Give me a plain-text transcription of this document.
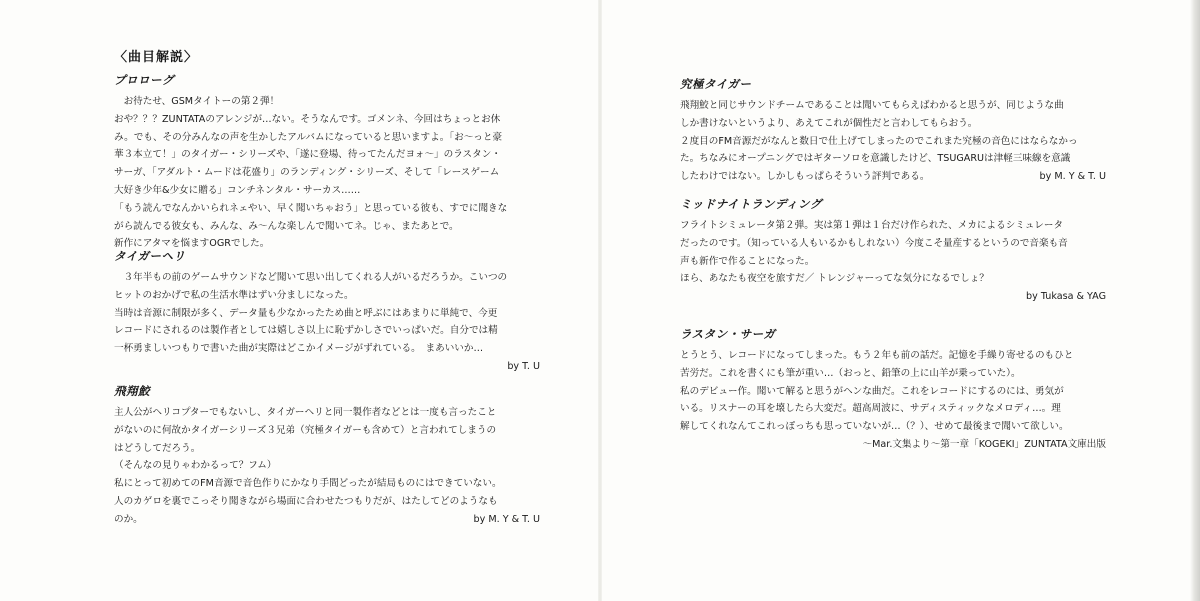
〈曲目解説〉
プロローグ
　お待たせ、GSMタイトーの第２弾！
おや？？？ZUNTATAのアレンジが…ない。そうなんです。ゴメンネ、今回はちょっとお休
み。でも、その分みんなの声を生かしたアルバムになっていると思いますよ。「お～っと豪
華３本立て！」のタイガー・シリーズや、「遂に登場、待ってたんだヨォ～」のラスタン・
サーガ、「アダルト・ムードは花盛り」のランディング・シリーズ、そして「レースゲーム
大好き少年&少女に贈る」コンチネンタル・サーカス……
「もう読んでなんかいられネェやい、早く聞いちゃおう」と思っている彼も、すでに聞きな
がら読んでる彼女も、みんな、み～んな楽しんで聞いてネ。じゃ、またあとで。
新作にアタマを悩ますOGRでした。
タイガーヘリ
　３年半もの前のゲームサウンドなど聞いて思い出してくれる人がいるだろうか。こいつの
ヒットのおかげで私の生活水準はずい分ましになった。
当時は音源に制限が多く、データ量も少なかったため曲と呼ぶにはあまりに単純で、今更
レコードにされるのは製作者としては嬉しさ以上に恥ずかしさでいっぱいだ。自分では精
一杯勇ましいつもりで書いた曲が実際はどこかイメージがずれている。　まあいいか…
by T. U
飛翔鮫
主人公がヘリコプターでもないし、タイガーヘリと同一製作者などとは一度も言ったこと
がないのに何故かタイガーシリーズ３兄弟（究極タイガーも含めて）と言われてしまうの
はどうしてだろう。
（そんなの見りゃわかるって？フム）
私にとって初めてのFM音源で音色作りにかなり手間どったが結局ものにはできていない。
人のカゲロを裏でこっそり聞きながら場面に合わせたつもりだが、はたしてどのようなも
のか。	by M. Y & T. U
究極タイガー
飛翔鮫と同じサウンドチームであることは聞いてもらえばわかると思うが、同じような曲
しか書けないというより、あえてこれが個性だと言わしてもらおう。
２度目のFM音源だがなんと数日で仕上げてしまったのでこれまた究極の音色にはならなかっ
た。ちなみにオープニングではギターソロを意識したけど、TSUGARUは津軽三味線を意識
したわけではない。しかしもっぱらそういう評判である。	by M. Y & T. U
ミッドナイトランディング
フライトシミュレータ第２弾。実は第１弾は１台だけ作られた、メカによるシミュレータ
だったのです。（知っている人もいるかもしれない）今度こそ量産するというので音楽も音
声も新作で作ることになった。
ほら、あなたも夜空を旅すだ／ トレンジャーってな気分になるでしょ？
by Tukasa & YAG
ラスタン・サーガ
とうとう、レコードになってしまった。もう２年も前の話だ。記憶を手繰り寄せるのもひと
苦労だ。これを書くにも筆が重い…（おっと、鉛筆の上に山羊が乗っていた）。
私のデビュー作。聞いて解ると思うがヘンな曲だ。これをレコードにするのには、勇気が
いる。リスナーの耳を壊したら大変だ。超高周波に、サディスティックなメロディ…。理
解してくれなんてこれっぽっちも思っていないが…（？）、せめて最後まで聞いて欲しい。
～Mar.文集より～第一章「KOGEKI」ZUNTATA文庫出版
